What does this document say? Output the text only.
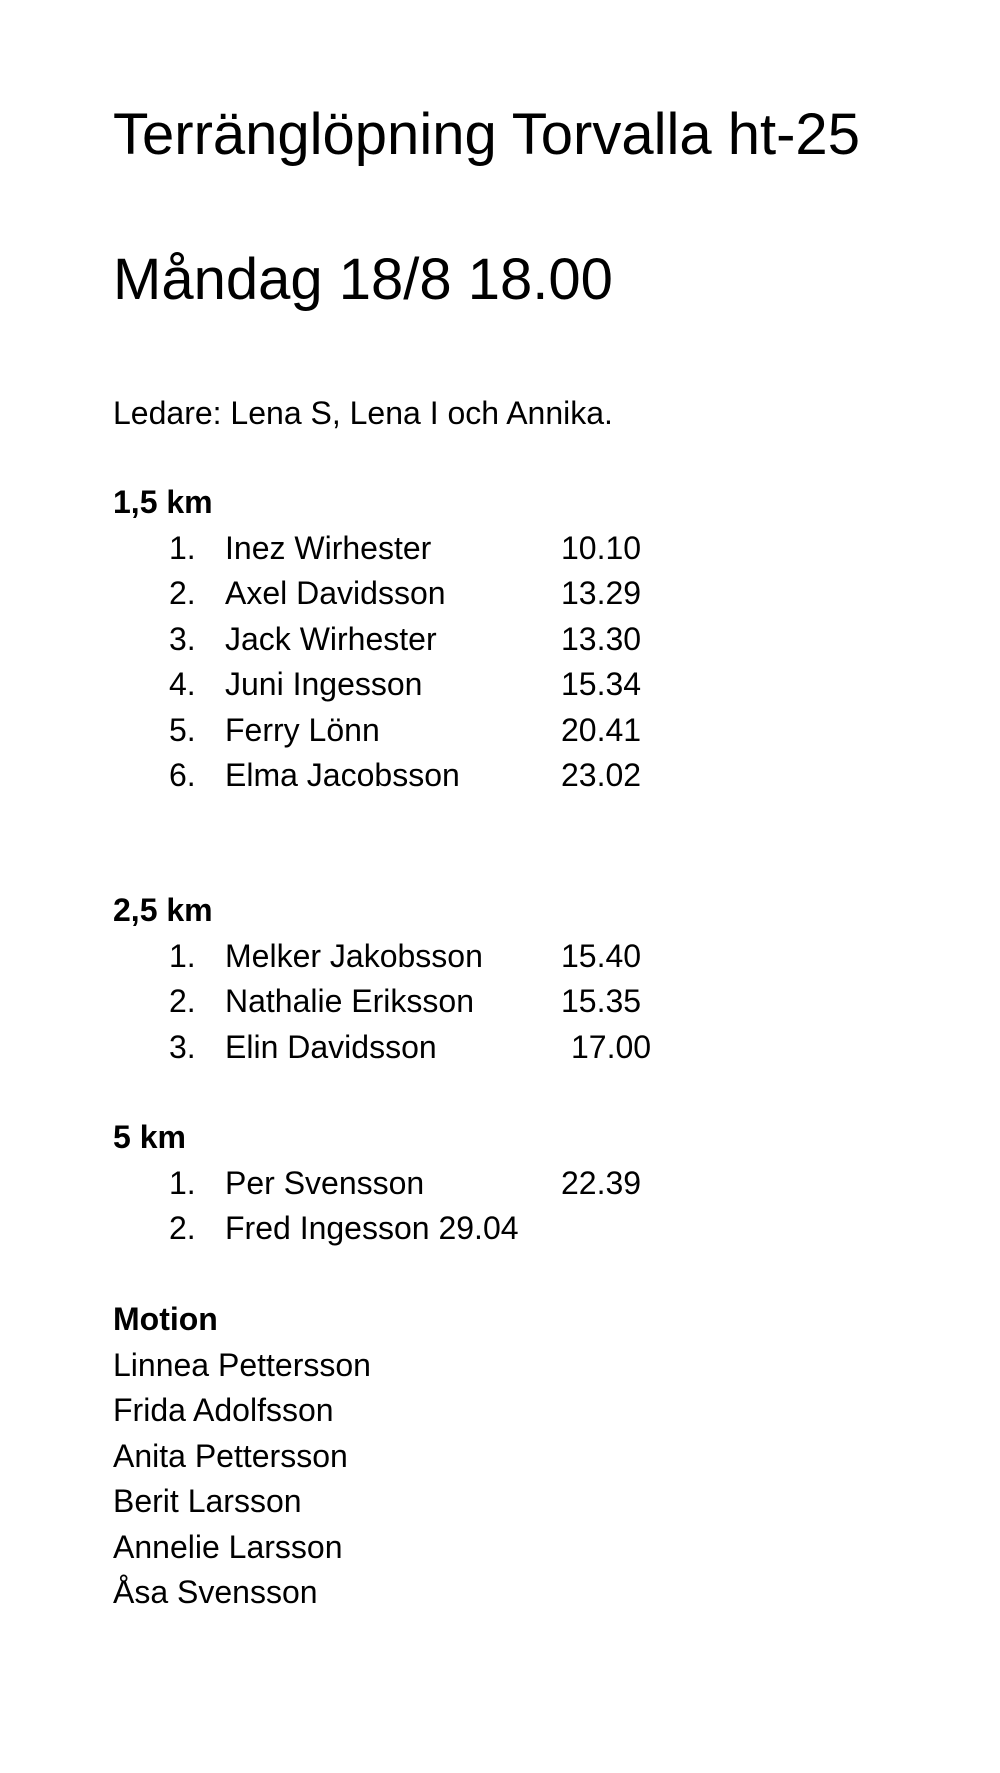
Terränglöpning Torvalla ht-25
Måndag 18/8 18.00

Ledare: Lena S, Lena I och Annika.

1,5 km
1. Inez Wirhester	10.10
2. Axel Davidsson	13.29
3. Jack Wirhester	13.30
4. Juni Ingesson	15.34
5. Ferry Lönn	20.41
6. Elma Jacobsson	23.02
2,5 km
1. Melker Jakobsson 15.40
2. Nathalie Eriksson	15.35
3. Elin Davidsson	17.00
5 km
1. Per Svensson	22.39
2. Fred Ingesson 29.04
Motion
Linnea Pettersson
Frida Adolfsson
Anita Pettersson
Berit Larsson
Annelie Larsson
Åsa Svensson
